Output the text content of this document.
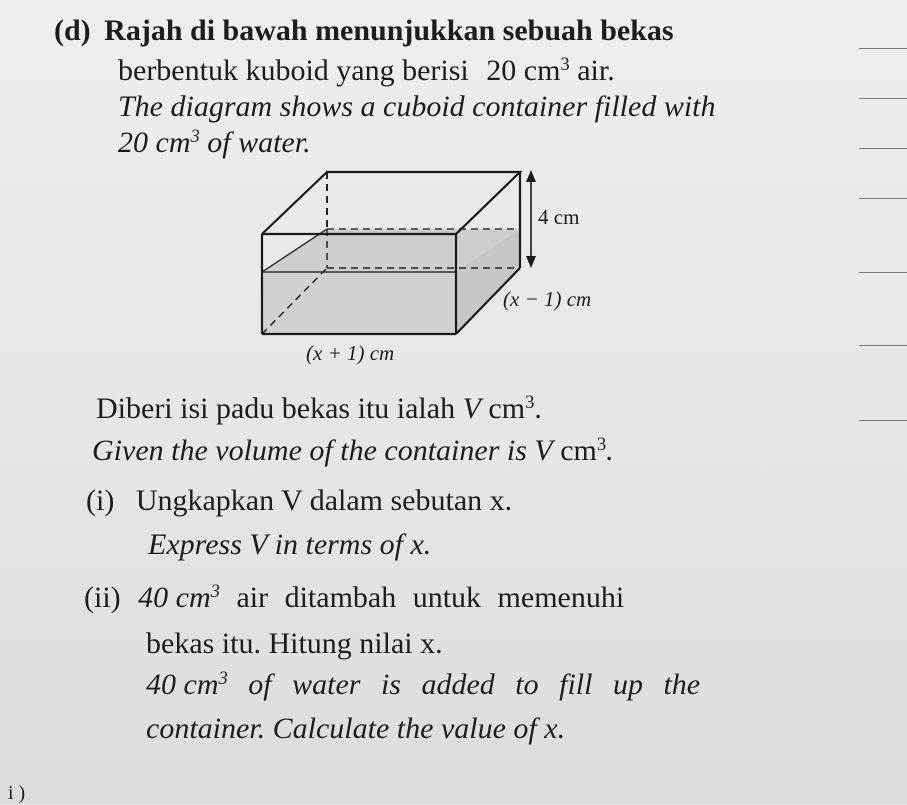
(d) Rajah di bawah menunjukkan sebuah bekas
berbentuk kuboid yang berisi 20 $cm^3$ air.
The diagram shows a cuboid container filled with
20 $cm^3$ of water.
4 cm
(x − 1) cm
(x + 1) cm
Diberi isi padu bekas itu ialah V $cm^3$.
Given the volume of the container is V $cm^3$.
(i) Ungkapkan V dalam sebutan x.
Express V in terms of x.
(ii) 40 $cm^3$ air ditambah untuk memenuhi
bekas itu. Hitung nilai x.
40 $cm^3$ of water is added to fill up the
container. Calculate the value of x.
i )
